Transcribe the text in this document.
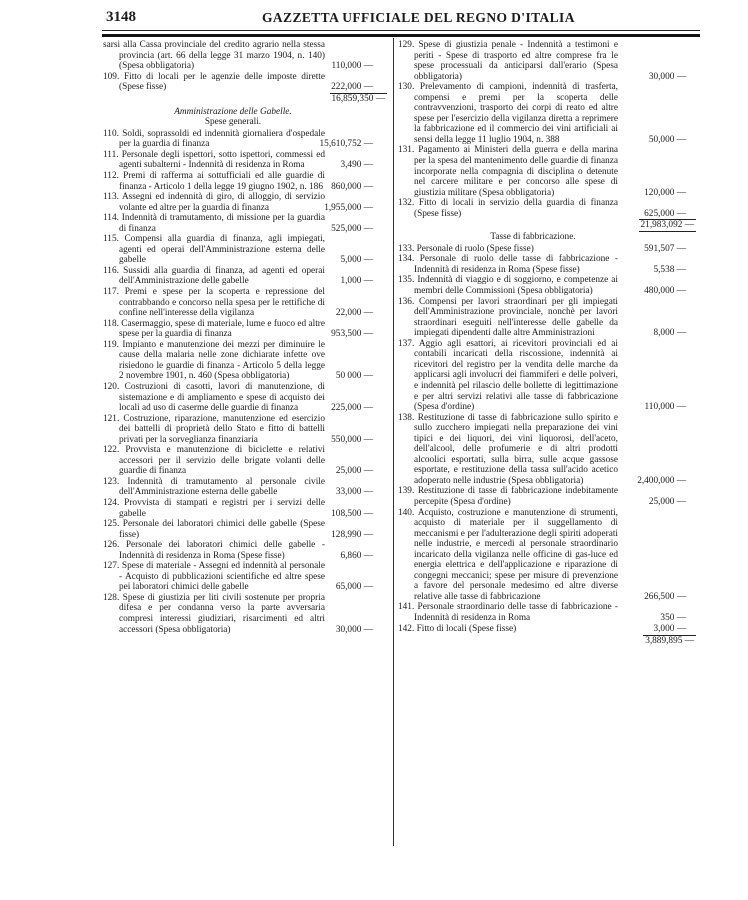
3148	GAZZETTA UFFICIALE DEL REGNO D'ITALIA
sarsi alla Cassa provinciale del credito agrario nella stessa provincia (art. 66 della legge 31 marzo 1904, n. 140) (Spesa obbligatoria)	110,000 —
109. Fitto di locali per le agenzie delle imposte dirette (Spese fisse)	222,000 —
16,859,350 —
Amministrazione delle Gabelle.
Spese generali.
110. Soldi, soprassoldi ed indennità giornaliera d'ospedale per la guardia di finanza	15,610,752 —
111. Personale degli ispettori, sotto ispettori, commessi ed agenti subalterni - Indennità di residenza in Roma	3,490 —
112. Premi di rafferma ai sottufficiali ed alle guardie di finanza - Articolo 1 della legge 19 giugno 1902, n. 186 860,000 —
113. Assegni ed indennità di giro, di alloggio, di servizio volante ed altre per la guardia di finanza	1,955,000 —
114. Indennità di tramutamento, di missione per la guardia di finanza	525,000 —
115. Compensi alla guardia di finanza, agli impiegati, agenti ed operai dell'Amministrazione esterna delle gabelle	5,000 —
116. Sussidi alla guardia di finanza, ad agenti ed operai dell'Amministrazione delle gabelle	1,000 —
117. Premi e spese per la scoperta e repressione del contrabbando e concorso nella spesa per le rettifiche di confine nell'interesse della vigilanza	22,000 —
118. Casermaggio, spese di materiale, lume e fuoco ed altre spese per la guardia di finanza	953,500 —
119. Impianto e manutenzione dei mezzi per diminuire le cause della malaria nelle zone dichiarate infette ove risiedono le guardie di finanza - Articolo 5 della legge 2 novembre 1901, n. 460 (Spesa obbligatoria)	50 000 —
120. Costruzioni di casotti, lavori di manutenzione, di sistemazione e di ampliamento e spese di acquisto dei locali ad uso di caserme delle guardie di finanza	225,000 —
121. Costruzione, riparazione, manutenzione ed esercizio dei battelli di proprietà dello Stato e fitto di battelli privati per la sorveglianza finanziaria	550,000 —
122. Provvista e manutenzione di biciclette e relativi accessori per il servizio delle brigate volanti delle guardie di finanza	25,000 —
123. Indennità di tramutamento al personale civile dell'Amministrazione esterna delle gabelle	33,000 —
124. Provvista di stampati e registri per i servizi delle gabelle	108,500 —
125. Personale dei laboratori chimici delle gabelle (Spese fisse)	128,990 —
126. Personale dei laboratori chimici delle gabelle - Indennità di residenza in Roma (Spese fisse)	6,860 —
127. Spese di materiale - Assegni ed indennità al personale - Acquisto di pubblicazioni scientifiche ed altre spese pei laboratori chimici delle gabelle	65,000 —
128. Spese di giustizia per liti civili sostenute per propria difesa e per condanna verso la parte avversaria compresi interessi giudiziari, risarcimenti ed altri accessori (Spesa obbligatoria)	30,000 —
129. Spese di giustizia penale - Indennità a testimoni e periti - Spese di trasporto ed altre comprese fra le spese processuali da anticiparsi dall'erario (Spesa obbligatoria)	30,000 —
130. Prelevamento di campioni, indennità di trasferta, compensi e premi per la scoperta delle contravvenzioni, trasporto dei corpi di reato ed altre spese per l'esercizio della vigilanza diretta a reprimere la fabbricazione ed il commercio dei vini artificiali ai sensi della legge 11 luglio 1904, n. 388	50,000 —
131. Pagamento ai Ministeri della guerra e della marina per la spesa del mantenimento delle guardie di finanza incorporate nella compagnia di disciplina o detenute nel carcere militare e per concorso alle spese di giustizia militare (Spesa obbligatoria)	120,000 —
132. Fitto di locali in servizio della guardia di finanza (Spese fisse)	625,000 —
21,983,092 —
Tasse di fabbricazione.
133. Personale di ruolo (Spese fisse)	591,507 —
134. Personale di ruolo delle tasse di fabbricazione - Indennità di residenza in Roma (Spese fisse)	5,538 —
135. Indennità di viaggio e di soggiorno, e competenze ai membri delle Commissioni (Spesa obbligatoria)	480,000 —
136. Compensi per lavori straordinari per gli impiegati dell'Amministrazione provinciale, nonchè per lavori straordinari eseguiti nell'interesse delle gabelle da impiegati dipendenti dalle altre Amministrazioni	8,000 —
137. Aggio agli esattori, ai ricevitori provinciali ed ai contabili incaricati della riscossione, indennità ai ricevitori del registro per la vendita delle marche da applicarsi agli involucri dei fiammiferi e delle polveri, e indennità pel rilascio delle bollette di legittimazione e per altri servizi relativi alle tasse di fabbricazione (Spesa d'ordine)	110,000 —
138. Restituzione di tasse di fabbricazione sullo spirito e sullo zucchero impiegati nella preparazione dei vini tipici e dei liquori, dei vini liquorosi, dell'aceto, dell'alcool, delle profumerie e di altri prodotti alcoolici esportati, sulla birra, sulle acque gassose esportate, e restituzione della tassa sull'acido acetico adoperato nelle industrie (Spesa obbligatoria)	2,400,000 —
139. Restituzione di tasse di fabbricazione indebitamente percepite (Spesa d'ordine)	25,000 —
140. Acquisto, costruzione e manutenzione di strumenti, acquisto di materiale per il suggellamento di meccanismi e per l'adulterazione degli spiriti adoperati nelle industrie, e mercedi al personale straordinario incaricato della vigilanza nelle officine di gas-luce ed energia elettrica e dell'applicazione e riparazione di congegni meccanici; spese per misure di prevenzione a favore del personale medesimo ed altre diverse relative alle tasse di fabbricazione	266,500 —
141. Personale straordinario delle tasse di fabbricazione - Indennità di residenza in Roma	350 —
142. Fitto di locali (Spese fisse)	3,000 —
3,889,895 —
